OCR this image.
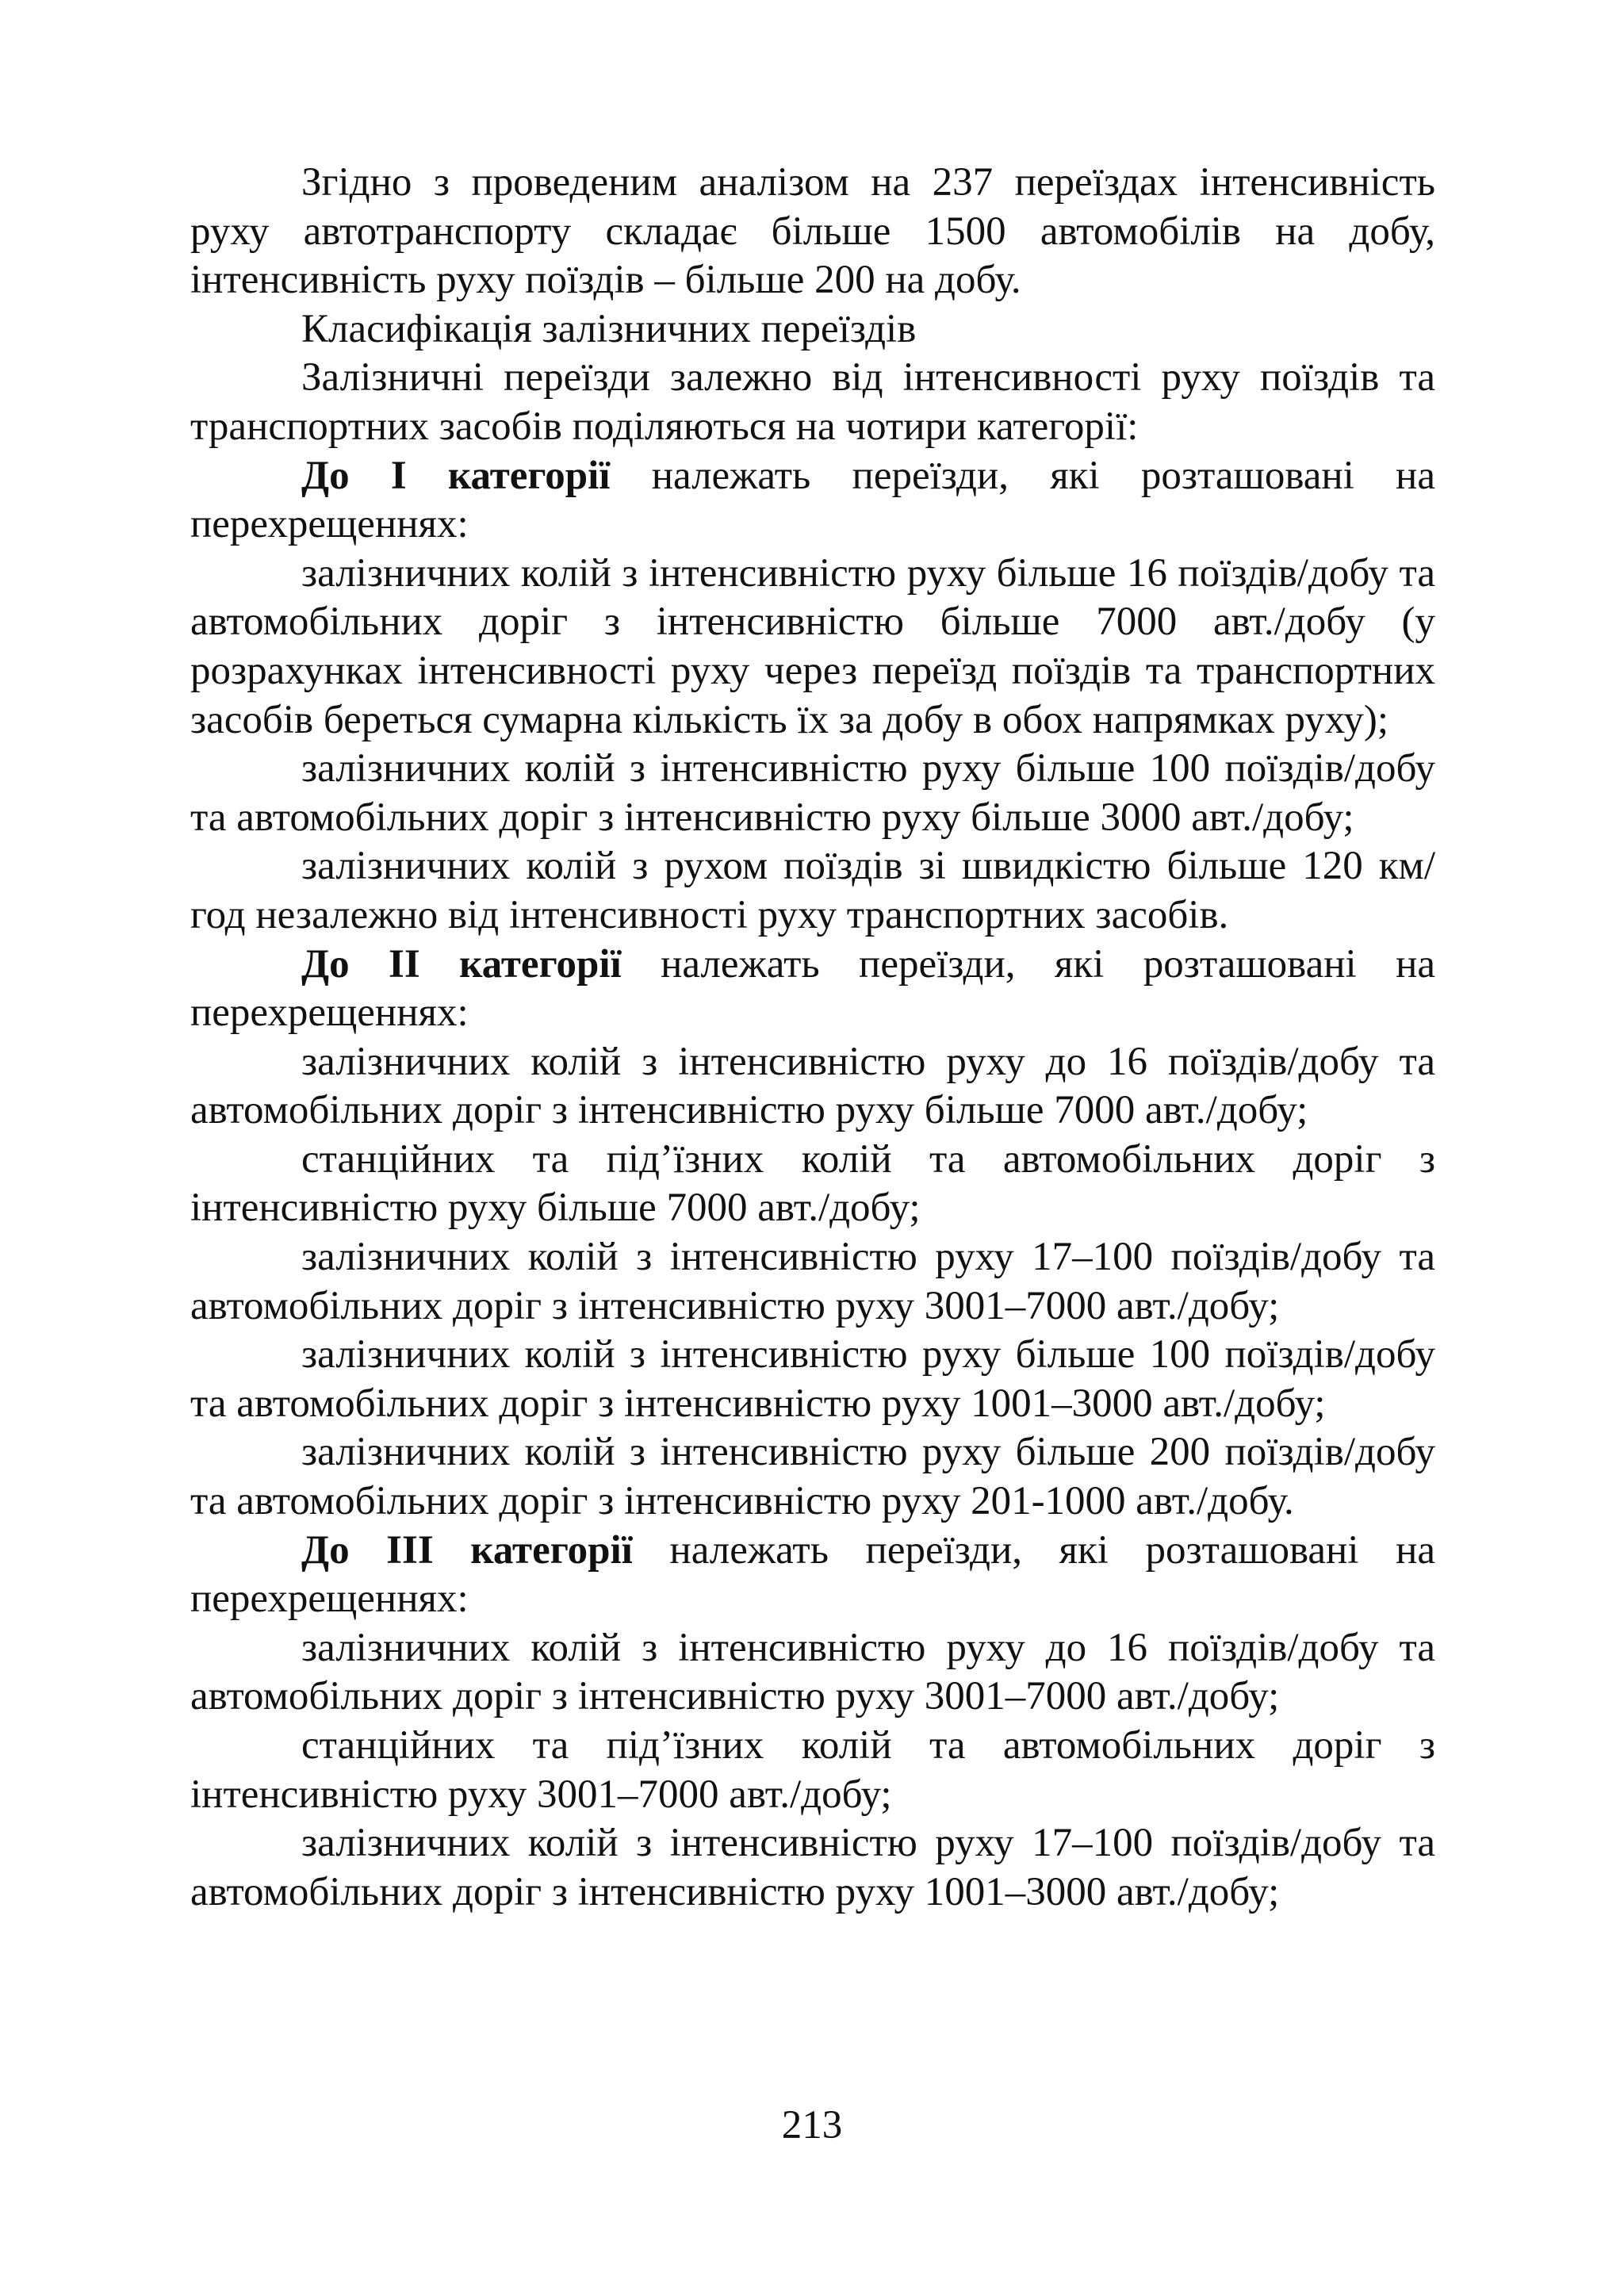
Згідно з проведеним аналізом на 237 переїздах інтенсивність руху автотранспорту складає більше 1500 автомобілів на добу, інтенсивність руху поїздів – більше 200 на добу.

Класифікація залізничних переїздів

Залізничні переїзди залежно від інтенсивності руху поїздів та транспортних засобів поділяються на чотири категорії:

До І категорії належать переїзди, які розташовані на перехрещеннях:

залізничних колій з інтенсивністю руху більше 16 поїздів/добу та автомобільних доріг з інтенсивністю більше 7000 авт./добу (у розрахунках інтенсивності руху через переїзд поїздів та транспортних засобів береться сумарна кількість їх за добу в обох напрямках руху);

залізничних колій з інтенсивністю руху більше 100 поїздів/добу та автомобільних доріг з інтенсивністю руху більше 3000 авт./добу;

залізничних колій з рухом поїздів зі швидкістю більше 120 км/год незалежно від інтенсивності руху транспортних засобів.

До ІІ категорії належать переїзди, які розташовані на перехрещеннях:

залізничних колій з інтенсивністю руху до 16 поїздів/добу та автомобільних доріг з інтенсивністю руху більше 7000 авт./добу;

станційних та під’їзних колій та автомобільних доріг з інтенсивністю руху більше 7000 авт./добу;

залізничних колій з інтенсивністю руху 17–100 поїздів/добу та автомобільних доріг з інтенсивністю руху 3001–7000 авт./добу;

залізничних колій з інтенсивністю руху більше 100 поїздів/добу та автомобільних доріг з інтенсивністю руху 1001–3000 авт./добу;

залізничних колій з інтенсивністю руху більше 200 поїздів/добу та автомобільних доріг з інтенсивністю руху 201-1000 авт./добу.

До ІІІ категорії належать переїзди, які розташовані на перехрещеннях:

залізничних колій з інтенсивністю руху до 16 поїздів/добу та автомобільних доріг з інтенсивністю руху 3001–7000 авт./добу;

станційних та під’їзних колій та автомобільних доріг з інтенсивністю руху 3001–7000 авт./добу;

залізничних колій з інтенсивністю руху 17–100 поїздів/добу та автомобільних доріг з інтенсивністю руху 1001–3000 авт./добу;

213
